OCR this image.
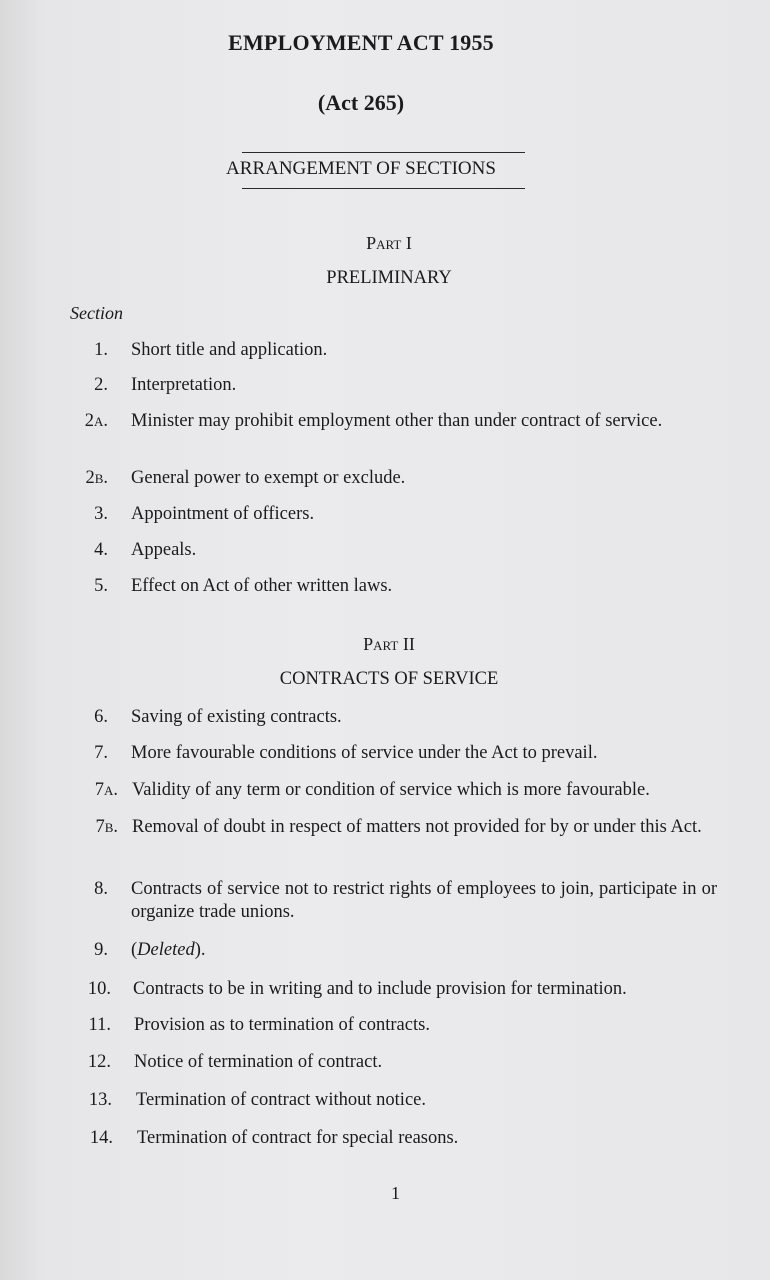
EMPLOYMENT ACT 1955
(Act 265)
ARRANGEMENT OF SECTIONS
Part I
PRELIMINARY
Section
1. Short title and application.
2. Interpretation.
2a. Minister may prohibit employment other than under contract of service.
2b. General power to exempt or exclude.
3. Appointment of officers.
4. Appeals.
5. Effect on Act of other written laws.
Part II
CONTRACTS OF SERVICE
6. Saving of existing contracts.
7. More favourable conditions of service under the Act to prevail.
7a. Validity of any term or condition of service which is more favourable.
7b. Removal of doubt in respect of matters not provided for by or under this Act.
8. Contracts of service not to restrict rights of employees to join, participate in or organize trade unions.
9. (Deleted).
10. Contracts to be in writing and to include provision for termination.
11. Provision as to termination of contracts.
12. Notice of termination of contract.
13. Termination of contract without notice.
14. Termination of contract for special reasons.
1
